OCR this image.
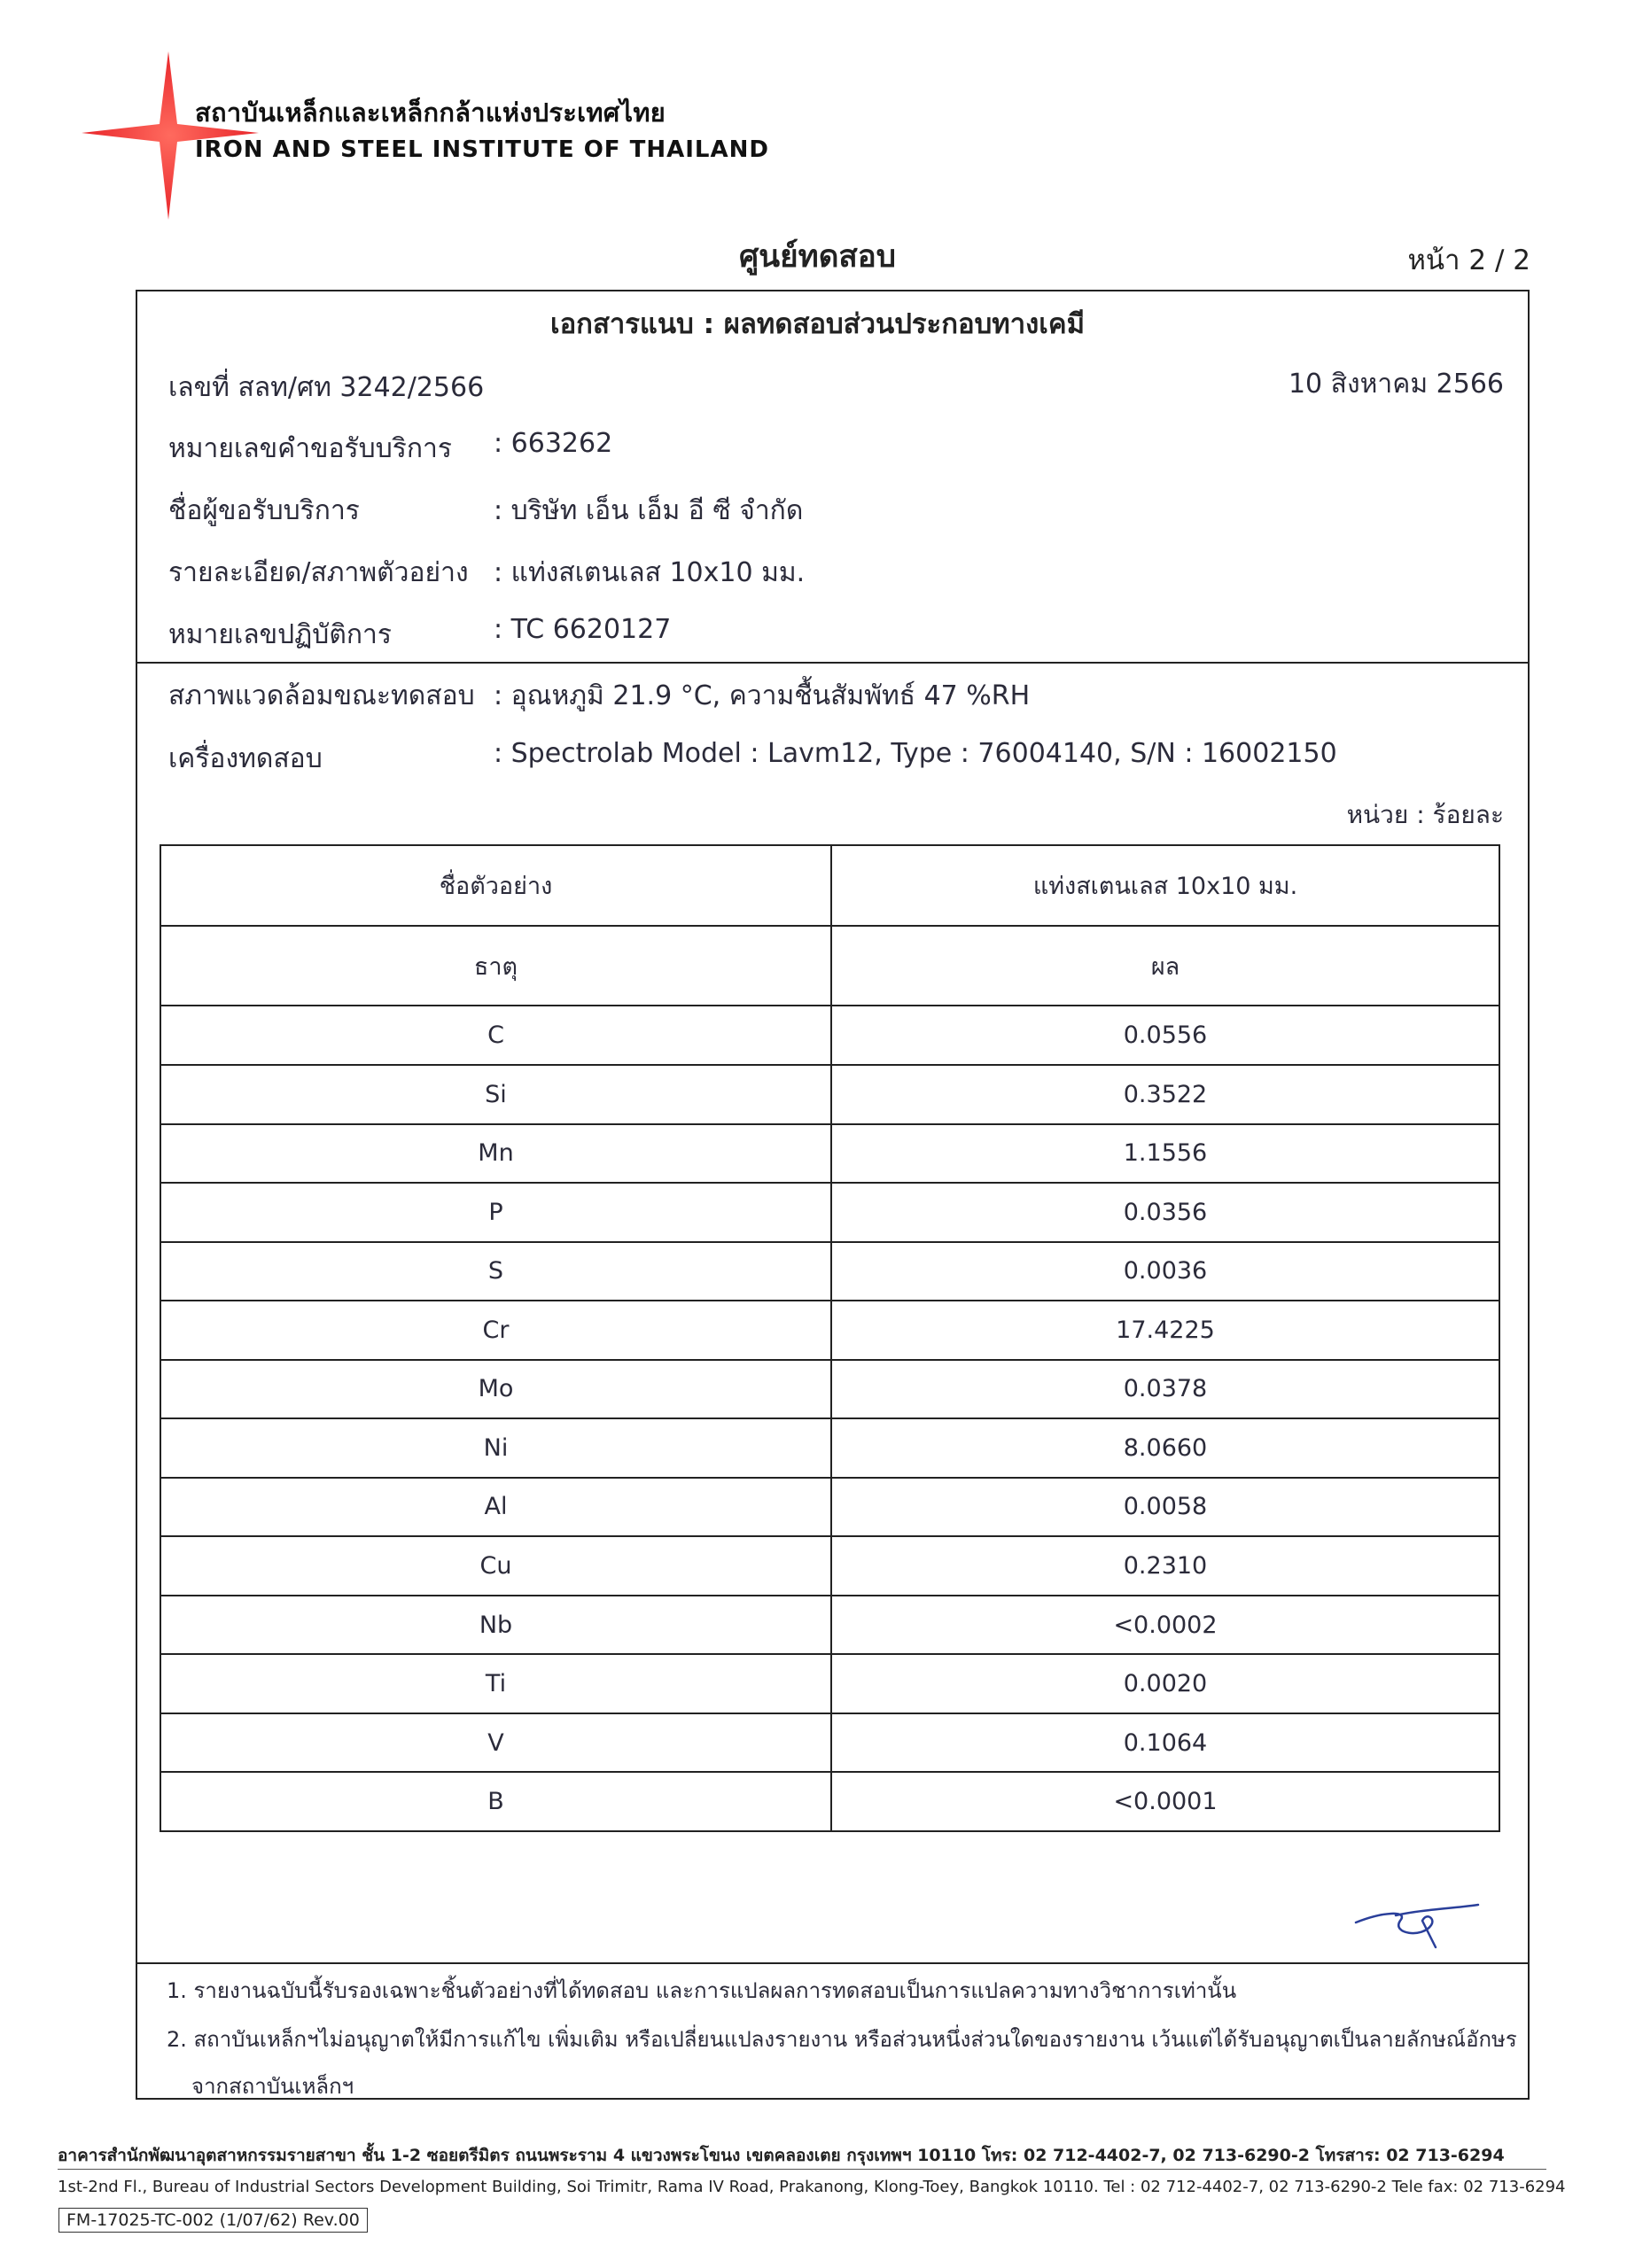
สถาบันเหล็กและเหล็กกล้าแห่งประเทศไทย
IRON AND STEEL INSTITUTE OF THAILAND
ศูนย์ทดสอบ	หน้า 2 / 2
เอกสารแนบ : ผลทดสอบส่วนประกอบทางเคมี
เลขที่ สลท/ศท 3242/2566	10 สิงหาคม 2566
หมายเลขคำขอรับบริการ : 663262
ชื่อผู้ขอรับบริการ	: บริษัท เอ็น เอ็ม อี ซี จำกัด
รายละเอียด/สภาพตัวอย่าง : แท่งสเตนเลส 10x10 มม.
หมายเลขปฏิบัติการ	: TC 6620127
สภาพแวดล้อมขณะทดสอบ : อุณหภูมิ 21.9 °C, ความชื้นสัมพัทธ์ 47 %RH
เครื่องทดสอบ	: Spectrolab Model : Lavm12, Type : 76004140, S/N : 16002150
หน่วย : ร้อยละ
ชื่อตัวอย่าง	แท่งสเตนเลส 10x10 มม.
ธาตุ	ผล
C	0.0556
Si	0.3522
Mn	1.1556
P	0.0356
S	0.0036
Cr	17.4225
Mo	0.0378
Ni	8.0660
Al	0.0058
Cu	0.2310
Nb	<0.0002
Ti	0.0020
V	0.1064
B	<0.0001
1. รายงานฉบับนี้รับรองเฉพาะชิ้นตัวอย่างที่ได้ทดสอบ และการแปลผลการทดสอบเป็นการแปลความทางวิชาการเท่านั้น
2. สถาบันเหล็กฯไม่อนุญาตให้มีการแก้ไข เพิ่มเติม หรือเปลี่ยนแปลงรายงาน หรือส่วนหนึ่งส่วนใดของรายงาน เว้นแต่ได้รับอนุญาตเป็นลายลักษณ์อักษร
จากสถาบันเหล็กฯ
อาคารสำนักพัฒนาอุตสาหกรรมรายสาขา ชั้น 1-2 ซอยตรีมิตร ถนนพระราม 4 แขวงพระโขนง เขตคลองเตย กรุงเทพฯ 10110 โทร: 02 712-4402-7, 02 713-6290-2 โทรสาร: 02 713-6294
1st-2nd Fl., Bureau of Industrial Sectors Development Building, Soi Trimitr, Rama IV Road, Prakanong, Klong-Toey, Bangkok 10110. Tel : 02 712-4402-7, 02 713-6290-2 Tele fax: 02 713-6294
FM-17025-TC-002 (1/07/62) Rev.00
